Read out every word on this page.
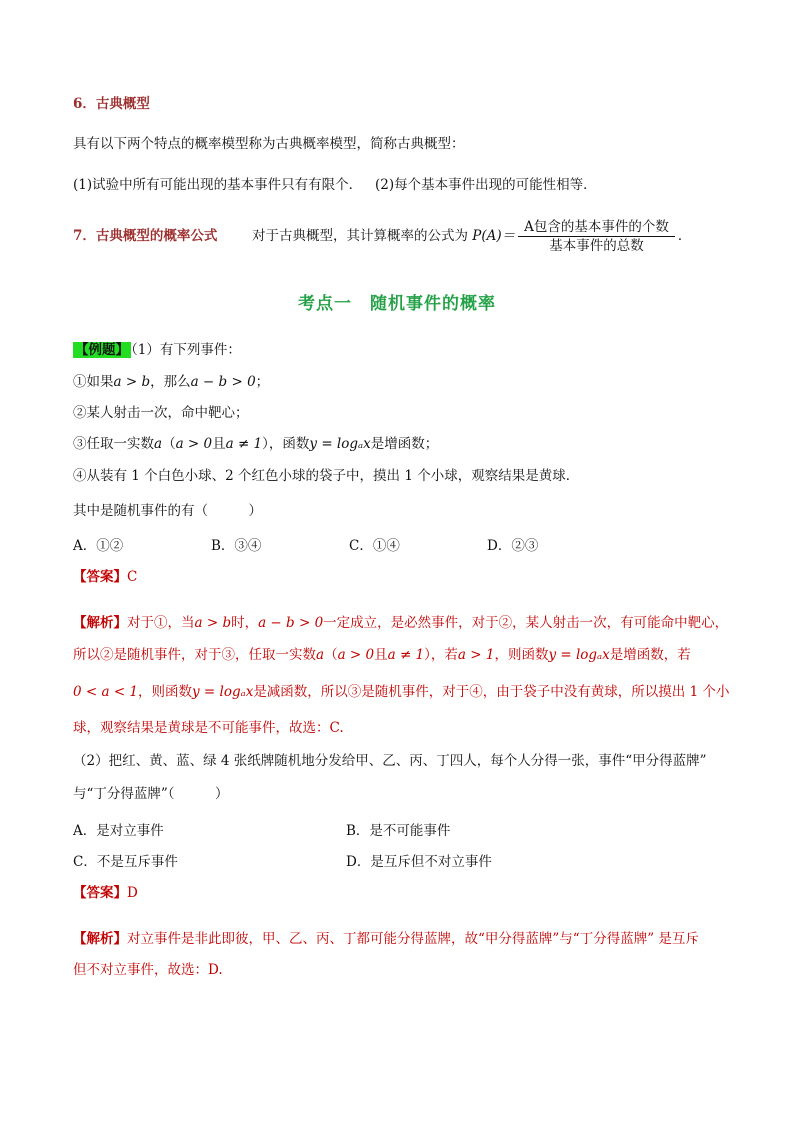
6．古典概型
具有以下两个特点的概率模型称为古典概率模型，简称古典概型：
(1)试验中所有可能出现的基本事件只有有限个． (2)每个基本事件出现的可能性相等．
7．古典概型的概率公式	对于古典概型，其计算概率的公式为 $P(A)= \frac{\text{A包含的基本事件的个数}}{\text{基本事件的总数}}$ ．
考点一　随机事件的概率
【例题】 （1）有下列事件：
①如果a > b，那么a − b > 0；
②某人射击一次，命中靶心；
③任取一实数a（a > 0且a ≠ 1），函数y = logₐx是增函数；
④从装有 1 个白色小球、2 个红色小球的袋子中，摸出 1 个小球，观察结果是黄球．
其中是随机事件的有（　　　）
A．①②	B．③④	C．①④	D．②③
【答案】C
【解析】对于①，当a > b时，a − b > 0一定成立，是必然事件，对于②，某人射击一次，有可能命中靶心，
所以②是随机事件，对于③，任取一实数a（a > 0且a ≠ 1），若a > 1，则函数y = logₐx是增函数，若
0 < a < 1，则函数y = logₐx是减函数，所以③是随机事件，对于④，由于袋子中没有黄球，所以摸出 1 个小
球，观察结果是黄球是不可能事件，故选：C.
（2）把红、黄、蓝、绿 4 张纸牌随机地分发给甲、乙、丙、丁四人，每个人分得一张，事件“甲分得蓝牌”
与“丁分得蓝牌”（　　　）
A．是对立事件	B．是不可能事件
C．不是互斥事件	D．是互斥但不对立事件
【答案】D
【解析】对立事件是非此即彼，甲、乙、丙、丁都可能分得蓝牌，故“甲分得蓝牌”与“丁分得蓝牌” 是互斥
但不对立事件，故选：D.
